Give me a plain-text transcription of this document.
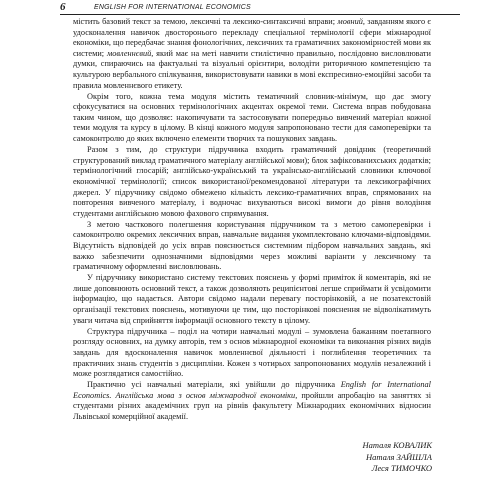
6	ENGLISH FOR INTERNATIONAL ECONOMICS

містить базовий текст за темою, лексичні та лексико-синтаксичні вправи; мовний, завданням якого є удосконалення навичок двосторонього перекладу спеціальної термінології сфери міжнародної економіки, що передбачає знання фонологічних, лексичних та граматичних закономірностей мови як системи; мовленнєвий, який має на меті навчити стилістично правильно, послідовно висловлювати думки, спираючись на фактуальні та візуальні орієнтири, володіти риторичною компетенцією та культурою вербального спілкування, використовувати навики в мові експресивно-емоційні засоби та правила мовленнєвого етикету.

Окрім того, кожна тема модуля містить тематичний словник-мінімум, що дає змогу сфокусуватися на основних термінологічних акцентах окремої теми. Система вправ побудована таким чином, що дозволяє: накопичувати та застосовувати попередньо вивчений матеріал кожної теми модуля та курсу в цілому. В кінці кожного модуля запропоновано тести для самоперевірки та самоконтролю до яких включено елементи творчих та пошукових завдань.

Разом з тим, до структури підручника входить граматичний довідник (теоретичний структурований виклад граматичного матеріалу англійської мови); блок зафіксованихських додатків; термінологічний глосарій; англійсько-український та українсько-англійський словники ключової економічної термінології; список використаної/рекомендованої літератури та лексикографічних джерел. У підручнику свідомо обмежено кількість лексико-граматичних вправ, спрямованих на повторення вивченого матеріалу, і водночас вихуваються високі вимоги до рівня володіння студентами англійською мовою фахового спрямування.

З метою часткового полегшення користування підручником та з метою самоперевірки і самоконтролю окремих лексичних вправ, навчальне видання укомплектовано ключами-відповідями. Відсутність відповідей до усіх вправ пояснюється системним підбором навчальних завдань, які важко забезпечити однозначними відповідями через можливі варіанти у лексичному та граматичному оформленні висловлювань.

У підручнику використано систему текстових пояснень у формі приміток й коментарів, які не лише доповнюють основний текст, а також дозволяють реципієнтові легше сприймати й усвідомити інформацію, що надається. Автори свідомо надали перевагу посторінковій, а не позатекстовій організації текстових пояснень, мотивуючи це тим, що посторінкові пояснення не відволікатимуть уваги читача від сприйняття інформації основного тексту в цілому.

Структура підручника – поділ на чотири навчальні модулі – зумовлена бажанням поетапного розгляду основних, на думку авторів, тем з основ міжнародної економіки та виконання різних видів завдань для вдосконалення навичок мовленнєвої діяльності і поглиблення теоретичних та практичних знань студентів з дисципліни. Кожен з чотирьох запропонованих модулів незалежний і може розглядатися самостійно.

Практично усі навчальні матеріали, які увійшли до підручника English for International Economics. Англійська мова з основ міжнародної економіки, пройшли апробацію на заняттях зі студентами різних академічних груп на рівнів факультету Міжнародних економічних відносин Львівської комерційної академії.

Наталя КОВАЛИК
Наталя ЗАЙШЛА
Леся ТИМОЧКО
